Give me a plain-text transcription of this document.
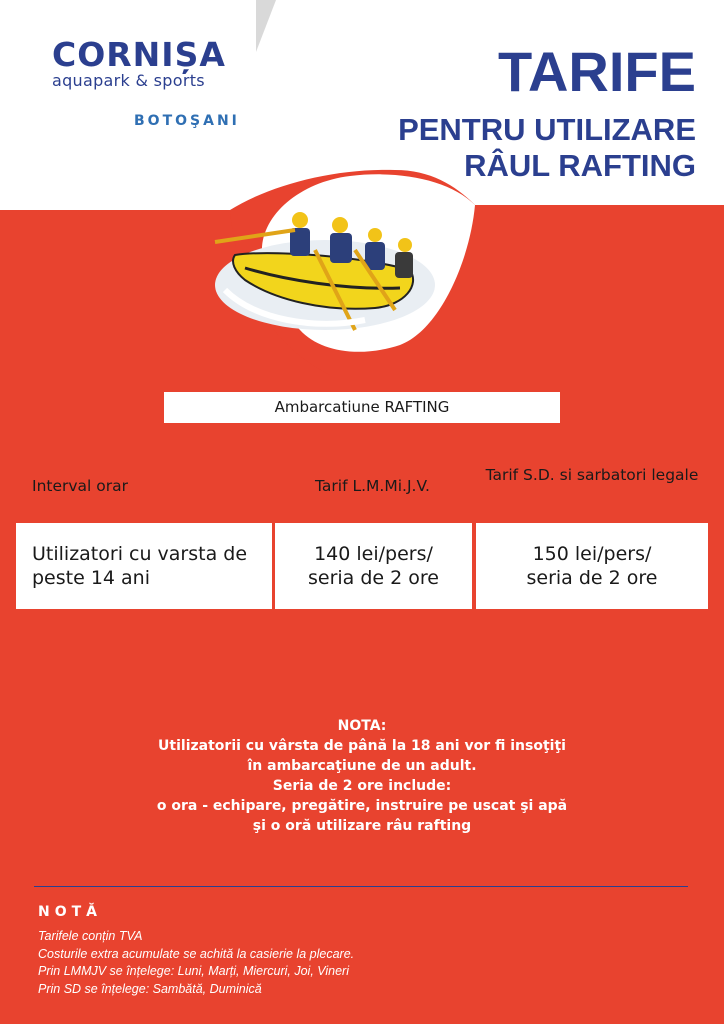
CORNIȘA
aquapark & sports
BOTOŞANI
TARIFE
PENTRU UTILIZARE
RÂUL RAFTING
Ambarcatiune RAFTING
Interval orar	Tarif L.M.Mi.J.V.
Tarif S.D. si sarbatori legale
Utilizatori cu varsta de peste 14 ani
140 lei/pers/ seria de 2 ore
150 lei/pers/ seria de 2 ore
NOTA:
Utilizatorii cu vârsta de până la 18 ani vor fi insoţiţi
în ambarcaţiune de un adult.
Seria de 2 ore include:
o ora - echipare, pregătire, instruire pe uscat şi apă
şi o oră utilizare râu rafting
NOTĂ
Tarifele conțin TVA
Costurile extra acumulate se achită la casierie la plecare.
Prin LMMJV se înțelege: Luni, Marți, Miercuri, Joi, Vineri
Prin SD se înțelege: Sambătă, Duminică
